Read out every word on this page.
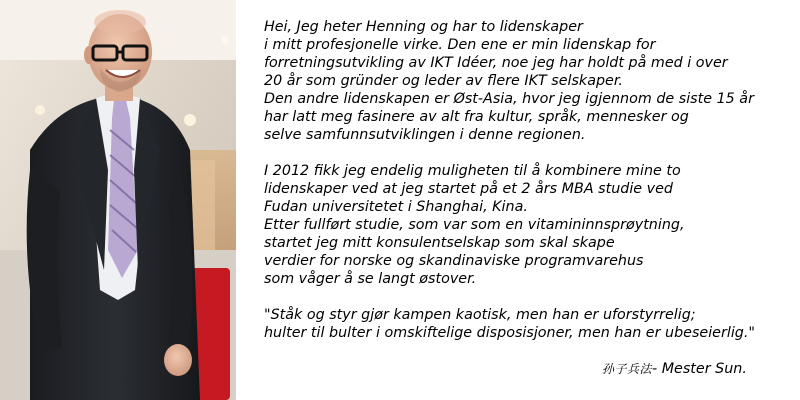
Hei, Jeg heter Henning og har to lidenskaper
i mitt profesjonelle virke. Den ene er min lidenskap for
forretningsutvikling av IKT Idéer, noe jeg har holdt på med i over
20 år som gründer og leder av flere IKT selskaper.
Den andre lidenskapen er Øst-Asia, hvor jeg igjennom de siste 15 år
har latt meg fasinere av alt fra kultur, språk, mennesker og
selve samfunnsutviklingen i denne regionen.

I 2012 fikk jeg endelig muligheten til å kombinere mine to
lidenskaper ved at jeg startet på et 2 års MBA studie ved
Fudan universitetet i Shanghai, Kina.
Etter fullført studie, som var som en vitamininnsprøytning,
startet jeg mitt konsulentselskap som skal skape
verdier for norske og skandinaviske programvarehus
som våger å se langt østover.

"Ståk og styr gjør kampen kaotisk, men han er uforstyrrelig;
hulter til bulter i omskiftelige disposisjoner, men han er ubeseierlig."

孙子兵法- Mester Sun.
